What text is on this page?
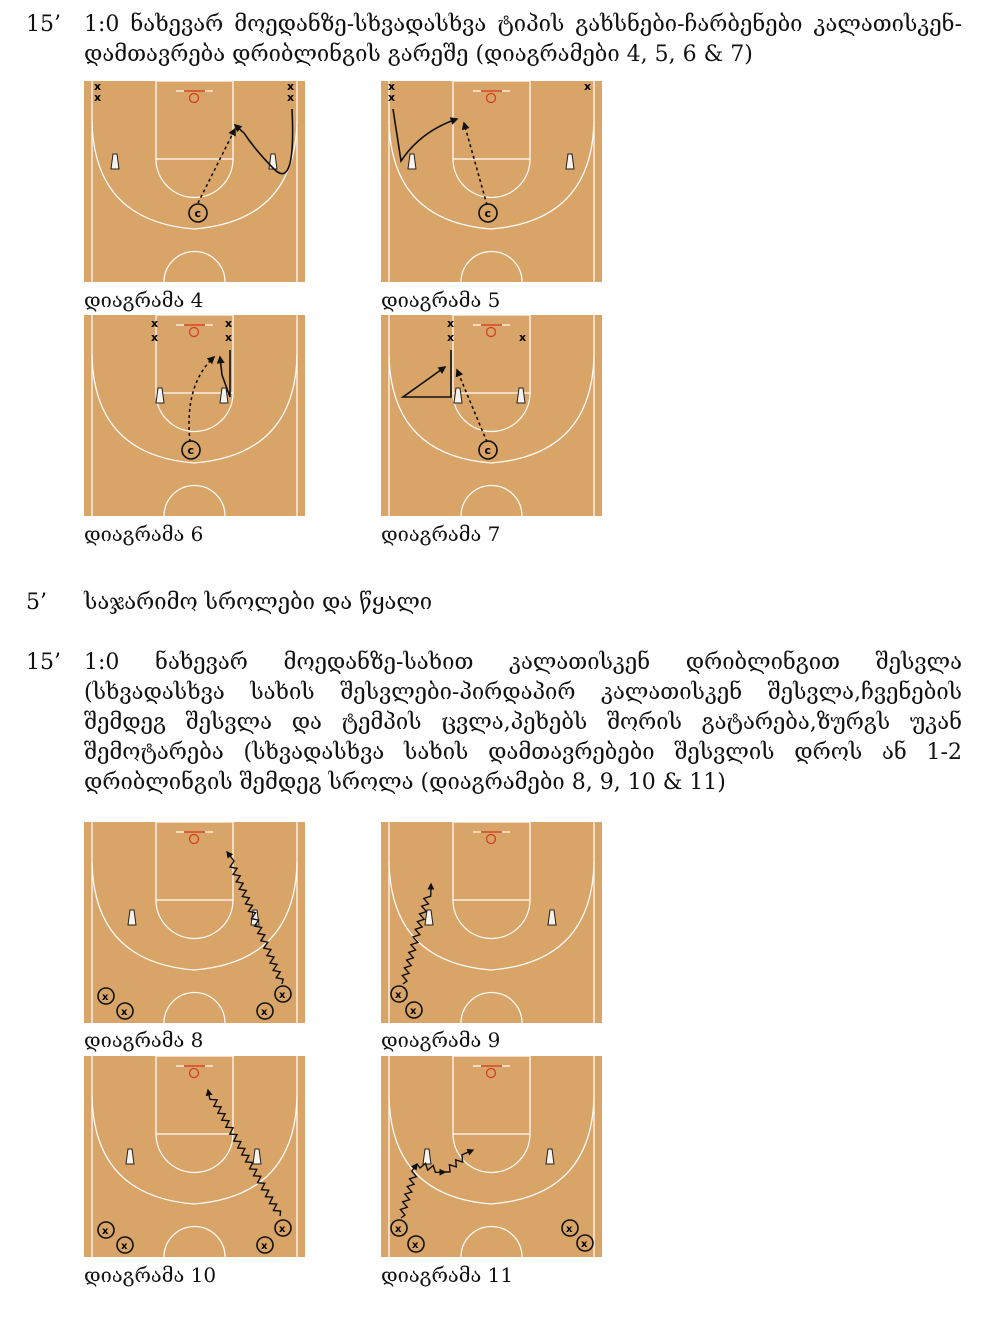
15’ 1:0 ნახევარ მოედანზე-სხვადასხვა ტიპის გახსნები-ჩარბენები კალათისკენ-დამთავრება დრიბლინგის გარეშე (დიაგრამები 4, 5, 6 & 7)
x
x
x
x
c
დიაგრამა 4
x
x
x
c
დიაგრამა 5
x
x
x
x
c
დიაგრამა 6
x
x	x
c
დიაგრამა 7
5’ საჯარიმო სროლები და წყალი
15’ 1:0 ნახევარ მოედანზე-სახით კალათისკენ დრიბლინგით შესვლა (სხვადასხვა სახის შესვლები-პირდაპირ კალათისკენ შესვლა,ჩვენების შემდეგ შესვლა და ტემპის ცვლა,პეხებს შორის გატარება,ზურგს უკან შემოტარება (სხვადასხვა სახის დამთავრებები შესვლის დროს ან 1-2 დრიბლინგის შემდეგ სროლა (დიაგრამები 8, 9, 10 & 11)
x
x	x
x
დიაგრამა 8
x
x
დიაგრამა 9
x
x	x
x
დიაგრამა 10
x
x
x
x
დიაგრამა 11
